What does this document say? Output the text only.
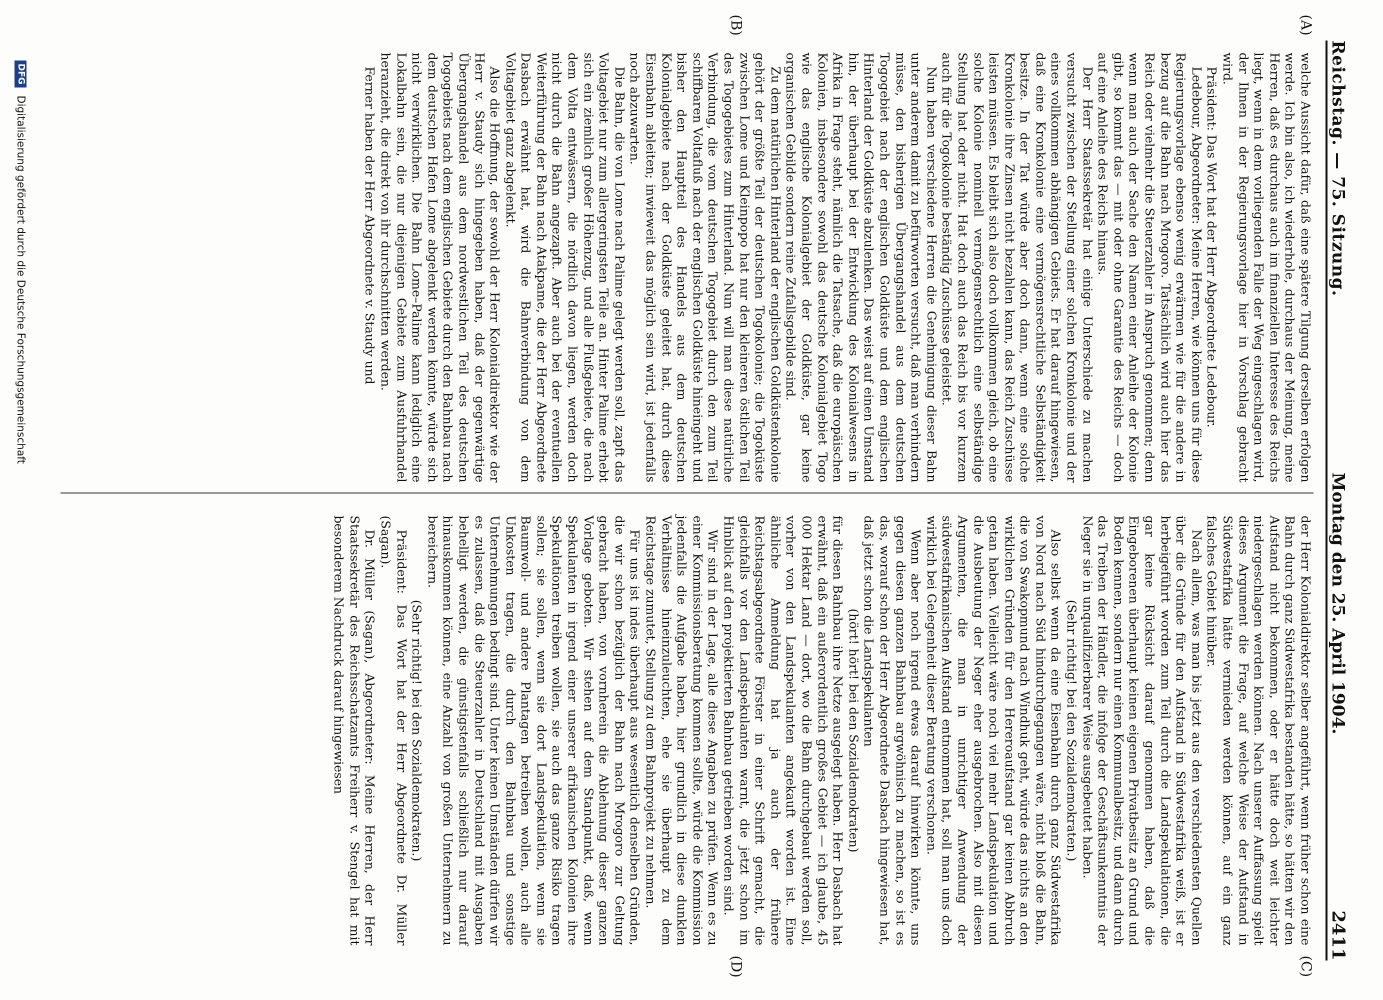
Reichstag. — 75. Sitzung.
Montag den 25. April 1904.
2411
(A)
(B)
(C)
(D)

welche Aussicht dafür, daß eine spätere Tilgung derselben erfolgen werde. Ich bin also, ich wiederhole, durchaus der Meinung, meine Herren, daß es durchaus auch im finanziellen Interesse des Reichs liegt, wenn in dem vorliegenden Falle der Weg eingeschlagen wird, der Ihnen in der Regierungsvorlage hier in Vorschlag gebracht wird.

Präsident: Das Wort hat der Herr Abgeordnete Ledebour.

Ledebour, Abgeordneter: Meine Herren, wie können uns für diese Regierungsvorlage ebenso wenig erwärmen wie für die andere in bezug auf die Bahn nach Mrogoro. Tatsächlich wird auch hier das Reich oder vielmehr die Steuerzahler in Anspruch genommen; denn wenn man auch der Sache den Namen einer Anleihe der Kolonie gibt, so kommt das — mit oder ohne Garantie des Reichs — doch auf eine Anleihe des Reichs hinaus.

Der Herr Staatssekretär hat einige Unterschiede zu machen versucht zwischen der Stellung einer solchen Kronkolonie und der eines vollkommen abhängigen Gebiets. Er hat darauf hingewiesen, daß eine Kronkolonie eine vermögensrechtliche Selbständigkeit besitze. In der Tat würde aber doch dann, wenn eine solche Kronkolonie ihre Zinsen nicht bezahlen kann, das Reich Zuschüsse leisten müssen. Es bleibt sich also doch vollkommen gleich, ob eine solche Kolonie nominell vermögensrechtlich eine selbständige Stellung hat oder nicht. Hat doch auch das Reich bis vor kurzem auch für die Togokolonie beständig Zuschüsse geleistet.

Nun haben verschiedene Herren die Genehmigung dieser Bahn unter anderem damit zu befürworten versucht, daß man verhindern müsse, den bisherigen Übergangshandel aus dem deutschen Togogebiet nach der englischen Goldküste und dem englischen Hinterland der Goldküste abzulenken. Das weist auf einen Umstand hin, der überhaupt bei der Entwicklung des Kolonialwesens in Afrika in Frage steht, nämlich die Tatsache, daß die europäischen Kolonien, insbesondere sowohl das deutsche Kolonialgebiet Togo wie das englische Kolonialgebiet der Goldküste, gar keine organischen Gebilde sondern reine Zufallsgebilde sind.

Zu dem natürlichen Hinterland der englischen Goldküstenkolonie gehört der größte Teil der deutschen Togokolonie; die Togoküste zwischen Lome und Kleinpopo hat nur den kleineren östlichen Teil des Togogebietes zum Hinterland. Nun will man diese natürliche Verbindung, die vom deutschen Togogebiet durch den zum Teil schiffbaren Voltafluß nach der englischen Goldküste hineingeht und bisher den Hauptteil des Handels aus dem deutschen Kolonialgebiete nach der Goldküste geleitet hat, durch diese Eisenbahn ableiten; inwieweit das möglich sein wird, ist jedenfalls noch abzuwarten.

Die Bahn, die von Lome nach Palime gelegt werden soll, zapft das Voltagebiet nur zum allergeringsten Teile an. Hinter Palime erhebt sich ein ziemlich großer Höhenzug, und alle Flußgebiete, die nach dem Volta entwässern, die nördlich davon liegen, werden doch nicht durch die Bahn angezapft. Aber auch bei der eventuellen Weiterführung der Bahn nach Atakpame, die der Herr Abgeordnete Dasbach erwähnt hat, wird die Bahnverbindung von dem Voltagebiet ganz abgelenkt.

Also die Hoffnung, der sowohl der Herr Kolonialdirektor wie der Herr v. Staudy sich hingegeben haben, daß der gegenwärtige Übergangshandel aus dem nordwestlichen Teil des deutschen Togogebiets nach dem englischen Gebiete durch den Bahnbau nach dem deutschen Hafen Lome abgelenkt werden könnte, würde sich nicht verwirklichen. Die Bahn Lome–Palime kann lediglich eine Lokalbahn sein, die nur diejenigen Gebiete zum Ausfuhrhandel heranzieht, die direkt von ihr durchschnitten werden.

Ferner haben der Herr Abgeordnete v. Staudy und

der Herr Kolonialdirektor selber angeführt, wenn früher schon eine Bahn durch ganz Südwestafrika bestanden hätte, so hätten wir den Aufstand nicht bekommen, oder er hätte doch weit leichter niedergeschlagen werden können. Nach unserer Auffassung spielt dieses Argument die Frage, auf welche Weise der Aufstand in Südwestafrika hätte vermieden werden können, auf ein ganz falsches Gebiet hinüber.

Nach allem, was man bis jetzt aus den verschiedensten Quellen über die Gründe für den Aufstand in Südwestafrika weiß, ist er herbeigeführt worden zum Teil durch die Landspekulationen, die gar keine Rücksicht darauf genommen haben, daß die Eingeborenen überhaupt keinen eigenen Privatbesitz an Grund und Boden kennen, sondern nur einen Kommunalbesitz, und dann durch das Treiben der Händler, die infolge der Geschäftsunkenntnis der Neger sie in unqualifizierbarer Weise ausgebeutet haben.

(Sehr richtig! bei den Sozialdemokraten.)

Also selbst wenn da eine Eisenbahn durch ganz Südwestafrika von Nord nach Süd hindurchgegangen wäre, nicht bloß die Bahn, die von Swakopmund nach Windhuk geht, würde das nichts an den wirklichen Gründen für den Hereroaufstand gar keinen Abbruch getan haben. Vielleicht wäre noch viel mehr Landspekulation und die Ausbeutung der Neger eher ausgebrochen. Also mit diesen Argumenten, die man in unrichtiger Anwendung der südwestafrikanischen Aufstand entnommen hat, soll man uns doch wirklich bei Gelegenheit dieser Beratung verschonen.

Wenn aber noch irgend etwas darauf hinwirken könnte, uns gegen diesen ganzen Bahnbau argwöhnisch zu machen, so ist es das, worauf schon der Herr Abgeordnete Dasbach hingewiesen hat, daß jetzt schon die Landspekulanten

(hört! hört! bei den Sozialdemokraten)

für diesen Bahnbau ihre Netze ausgelegt haben. Herr Dasbach hat erwähnt, daß ein außerordentlich großes Gebiet — ich glaube, 45 000 Hektar Land — dort, wo die Bahn durchgebaut werden soll, vorher von den Landspekulanten angekauft worden ist. Eine ähnliche Anmeldung hat ja auch der frühere Reichstagsabgeordnete Förster in einer Schrift gemacht, die gleichfalls vor den Landspekulanten warnt, die jetzt schon im Hinblick auf den projektierten Bahnbau getrieben worden sind.

Wir sind in der Lage, alle diese Angaben zu prüfen. Wenn es zu einer Kommissionsberatung kommen sollte, würde die Kommission jedenfalls die Aufgabe haben, hier grundlich in diese dunklen Verhältnisse hineinzuleuchten, ehe sie überhaupt zu dem Reichstage zumutet, Stellung zu dem Bahnprojekt zu nehmen.

Für uns ist indes überhaupt aus wesentlich denselben Gründen, die wir schon bezüglich der Bahn nach Mrogoro zur Geltung gebracht haben, von vornherein die Ablehnung dieser ganzen Vorlage geboten. Wir stehen auf dem Standpunkt, daß, wenn Spekulanten in irgend einer unserer afrikanischen Kolonien ihre Spekulationen treiben wollen, sie auch das ganze Risiko tragen sollen; sie sollen, wenn sie dort Landspekulation, wenn sie Baumwoll- und andere Plantagen betreiben wollen, auch alle Unkosten tragen, die durch den Bahnbau und sonstige Unternehmungen bedingt sind. Unter keinen Umständen dürfen wir es zulassen, daß die Steuerzahler in Deutschland mit Ausgaben behelligt werden, die günstigstenfalls schließlich nur darauf hinauskommen können, eine Anzahl von großen Unternehmern zu bereichern.

(Sehr richtig! bei den Sozialdemokraten.)

Präsident: Das Wort hat der Herr Abgeordnete Dr. Müller (Sagan).

Dr. Müller (Sagan), Abgeordneter: Meine Herren, der Herr Staatssekretär des Reichsschatzamts Freiherr v. Stengel hat mit besonderem Nachdruck darauf hingewiesen

DFG
Digitalisierung gefördert durch die Deutsche Forschungsgemeinschaft
